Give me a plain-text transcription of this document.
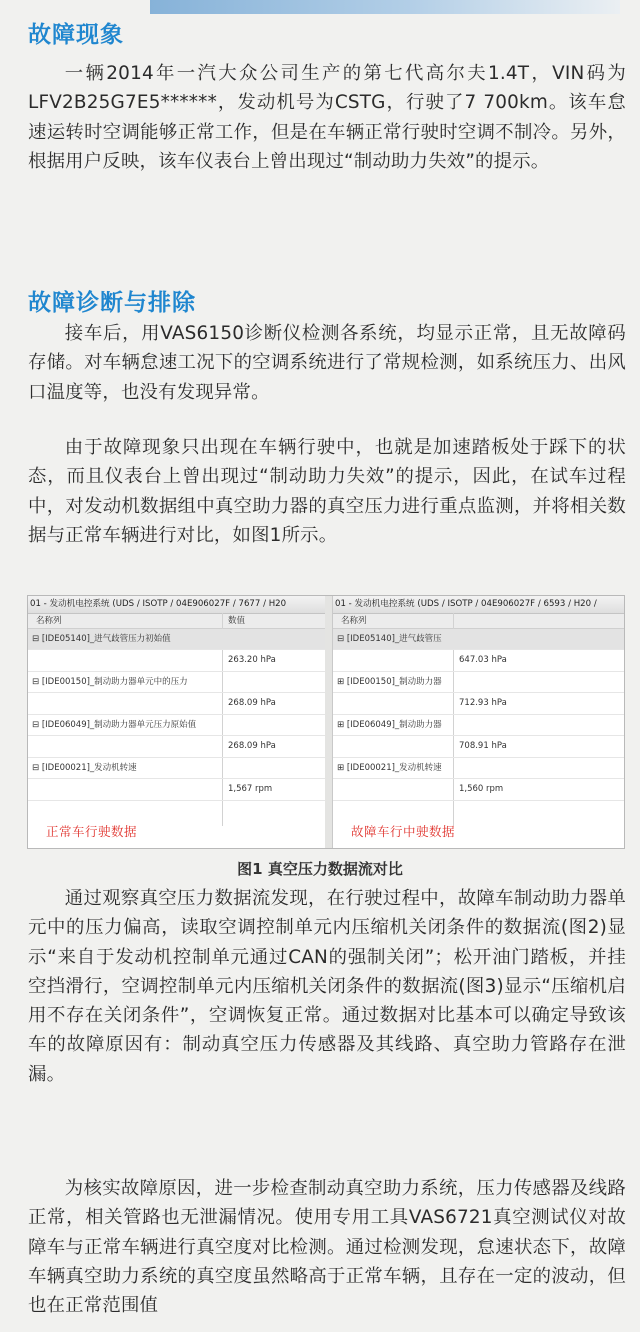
故障现象

一辆2014年一汽大众公司生产的第七代高尔夫1.4T，VIN码为LFV2B25G7E5******，发动机号为CSTG，行驶了7 700km。该车怠速运转时空调能够正常工作，但是在车辆正常行驶时空调不制冷。另外，根据用户反映，该车仪表台上曾出现过“制动助力失效”的提示。

故障诊断与排除

接车后，用VAS6150诊断仪检测各系统，均显示正常，且无故障码存储。对车辆怠速工况下的空调系统进行了常规检测，如系统压力、出风口温度等，也没有发现异常。

由于故障现象只出现在车辆行驶中，也就是加速踏板处于踩下的状态，而且仪表台上曾出现过“制动助力失效”的提示，因此，在试车过程中，对发动机数据组中真空助力器的真空压力进行重点监测，并将相关数据与正常车辆进行对比，如图1所示。

01 - 发动机电控系统 (UDS / ISOTP / 04E906027F / 7677 / H20
名称列	数值
⊟ [IDE05140]_进气歧管压力初始值
263.20 hPa
⊟ [IDE00150]_制动助力器单元中的压力
268.09 hPa
⊟ [IDE06049]_制动助力器单元压力原始值
268.09 hPa
⊟ [IDE00021]_发动机转速
1,567 rpm
正常车行驶数据
01 - 发动机电控系统 (UDS / ISOTP / 04E906027F / 6593 / H20 /
名称列
⊟ [IDE05140]_进气歧管压
647.03 hPa
⊞ [IDE00150]_制动助力器
712.93 hPa
⊞ [IDE06049]_制动助力器
708.91 hPa
⊞ [IDE00021]_发动机转速
1,560 rpm
故障车行中驶数据

图1 真空压力数据流对比

通过观察真空压力数据流发现，在行驶过程中，故障车制动助力器单元中的压力偏高，读取空调控制单元内压缩机关闭条件的数据流(图2)显示“来自于发动机控制单元通过CAN的强制关闭”；松开油门踏板，并挂空挡滑行，空调控制单元内压缩机关闭条件的数据流(图3)显示“压缩机启用不存在关闭条件”，空调恢复正常。通过数据对比基本可以确定导致该车的故障原因有：制动真空压力传感器及其线路、真空助力管路存在泄漏。

为核实故障原因，进一步检查制动真空助力系统，压力传感器及线路正常，相关管路也无泄漏情况。使用专用工具VAS6721真空测试仪对故障车与正常车辆进行真空度对比检测。通过检测发现，怠速状态下，故障车辆真空助力系统的真空度虽然略高于正常车辆，且存在一定的波动，但也在正常范围值
